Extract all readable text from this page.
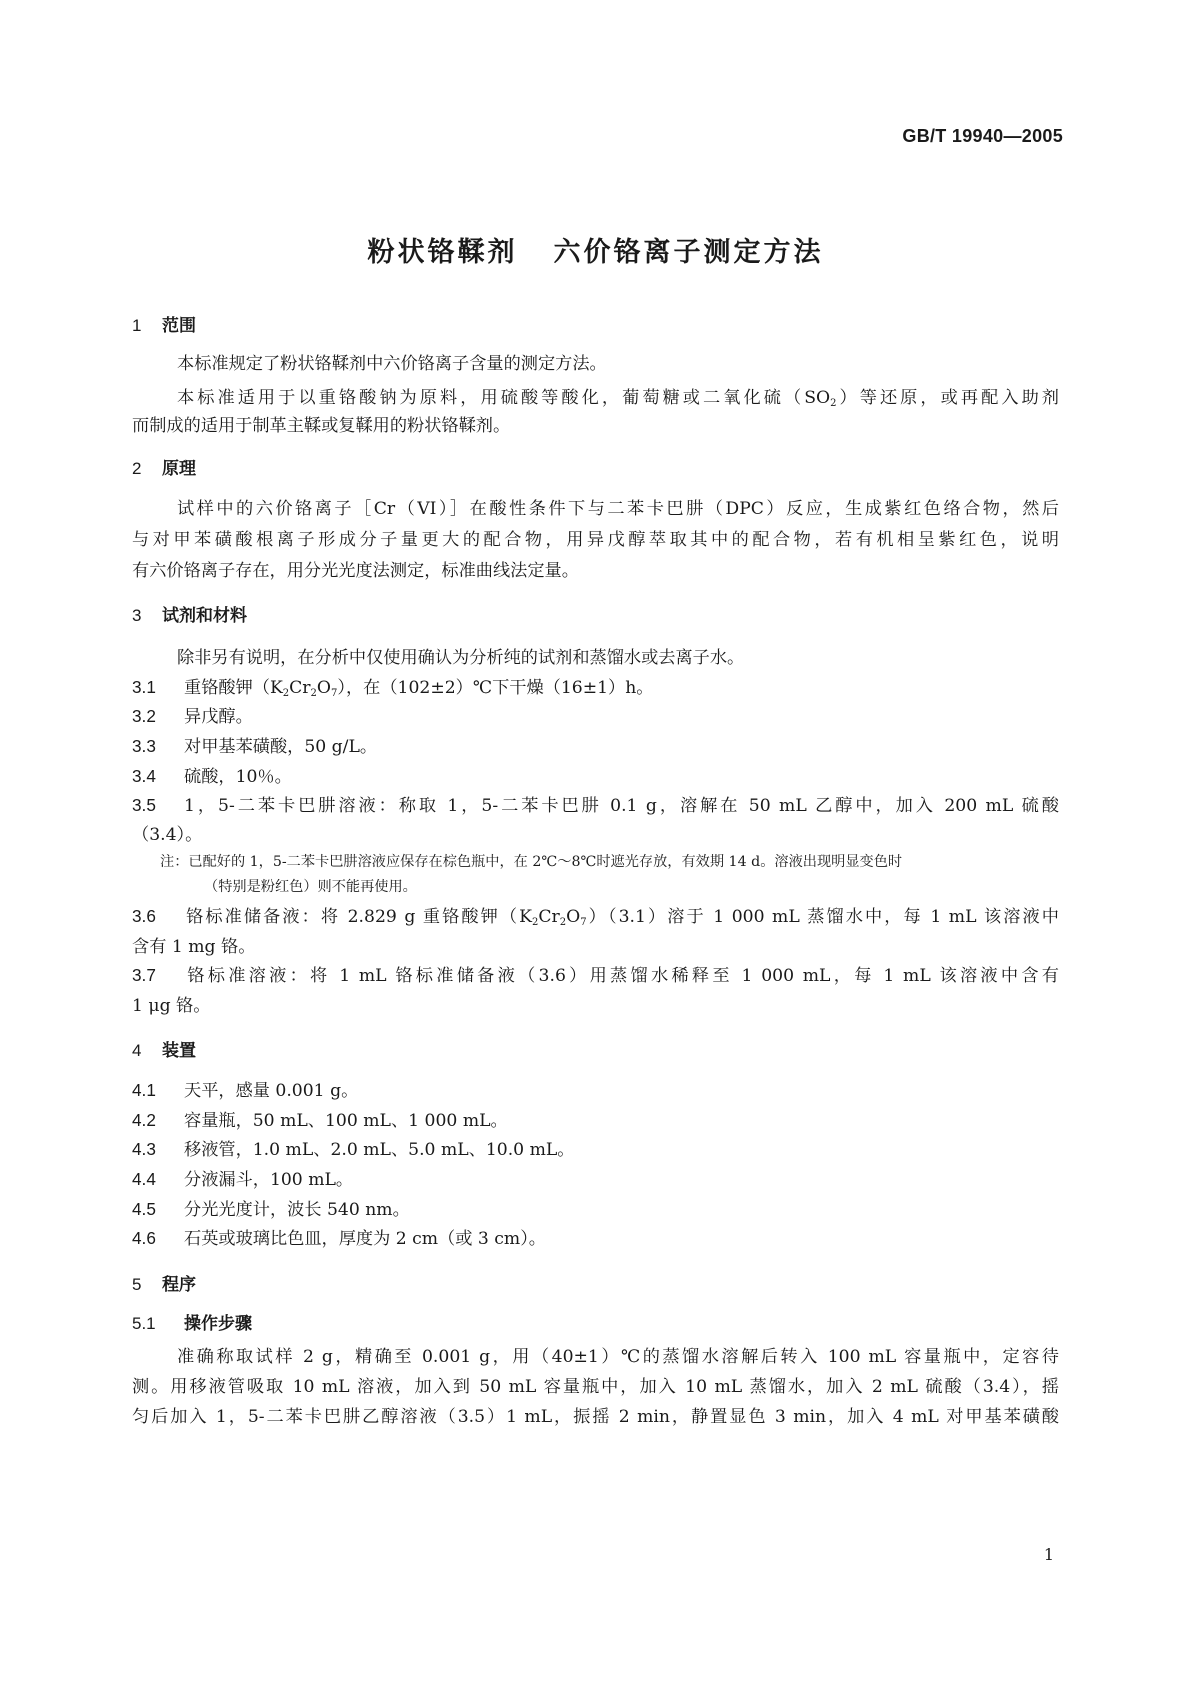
GB/T 19940—2005
粉状铬鞣剂 六价铬离子测定方法
1 范围
本标准规定了粉状铬鞣剂中六价铬离子含量的测定方法。
本标准适用于以重铬酸钠为原料，用硫酸等酸化，葡萄糖或二氧化硫$(SO_2)$等还原，或再配入助剂
而制成的适用于制革主鞣或复鞣用的粉状铬鞣剂。
2 原理
试样中的六价铬离子［Cr（VI）］在酸性条件下与二苯卡巴肼（DPC）反应，生成紫红色络合物，然后
与对甲苯磺酸根离子形成分子量更大的配合物，用异戊醇萃取其中的配合物，若有机相呈紫红色，说明
有六价铬离子存在，用分光光度法测定，标准曲线法定量。
3 试剂和材料
除非另有说明，在分析中仅使用确认为分析纯的试剂和蒸馏水或去离子水。
3.1 重铬酸钾$(K_2Cr_2O_7)$，在（102±2）℃下干燥（16±1）h。
3.2 异戊醇。
3.3 对甲基苯磺酸，50 g/L。
3.4 硫酸，10％。
3.5 1，5-二苯卡巴肼溶液：称取 1，5-二苯卡巴肼 0.1 g，溶解在 50 mL 乙醇中，加入 200 mL 硫酸
（3.4）。
注：已配好的 1，5-二苯卡巴肼溶液应保存在棕色瓶中，在 2℃～8℃时遮光存放，有效期 14 d。溶液出现明显变色时
（特别是粉红色）则不能再使用。
3.6 铬标准储备液：将 2.829 g 重铬酸钾$(K_2Cr_2O_7)(3.1)$溶于 1 000 mL 蒸馏水中，每 1 mL 该溶液中
含有 1 mg 铬。
3.7 铬标准溶液：将 1 mL 铬标准储备液（3.6）用蒸馏水稀释至 1 000 mL，每 1 mL 该溶液中含有
1 μg 铬。
4 装置
4.1 天平，感量 0.001 g。
4.2 容量瓶，50 mL、100 mL、1 000 mL。
4.3 移液管，1.0 mL、2.0 mL、5.0 mL、10.0 mL。
4.4 分液漏斗，100 mL。
4.5 分光光度计，波长 540 nm。
4.6 石英或玻璃比色皿，厚度为 2 cm（或 3 cm）。
5 程序
5.1 操作步骤
准确称取试样 2 g，精确至 0.001 g，用（40±1）℃的蒸馏水溶解后转入 100 mL 容量瓶中，定容待
测。用移液管吸取 10 mL 溶液，加入到 50 mL 容量瓶中，加入 10 mL 蒸馏水，加入 2 mL 硫酸（3.4），摇
匀后加入 1，5-二苯卡巴肼乙醇溶液（3.5）1 mL，振摇 2 min，静置显色 3 min，加入 4 mL 对甲基苯磺酸
1
